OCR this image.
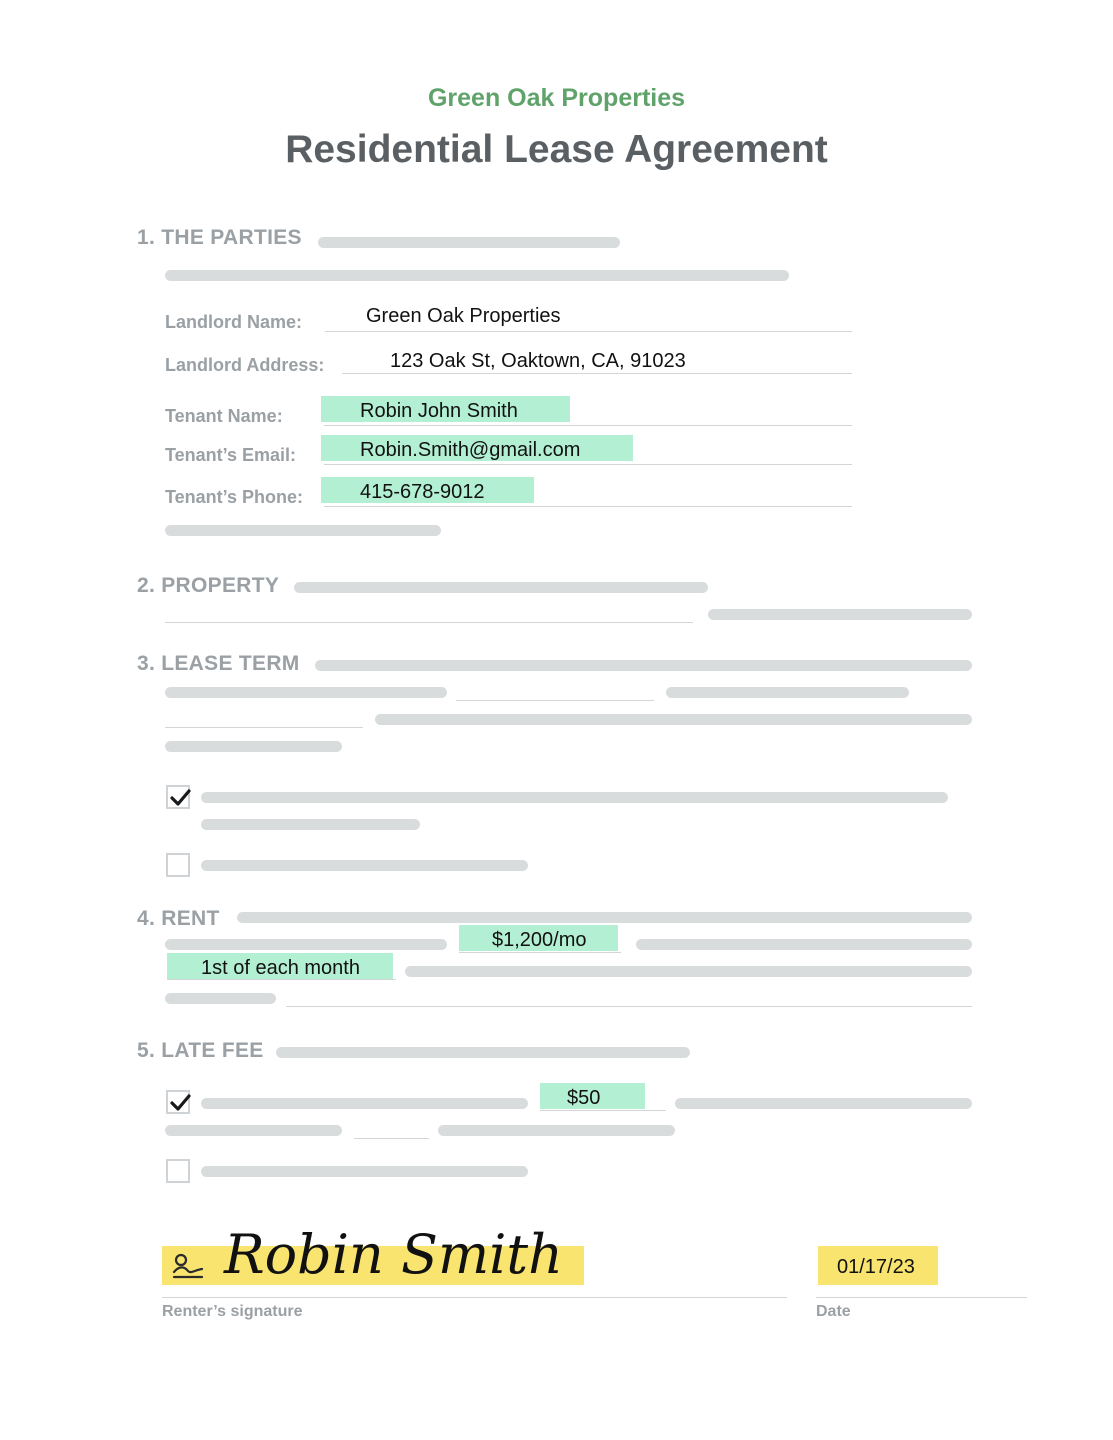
Green Oak Properties
Residential Lease Agreement
1. THE PARTIES
Landlord Name:	Green Oak Properties
Landlord Address:	123 Oak St, Oaktown, CA, 91023
Tenant Name:	Robin John Smith
Tenant’s Email:	Robin.Smith@gmail.com
Tenant’s Phone:	415-678-9012
2. PROPERTY
3. LEASE TERM
4. RENT
$1,200/mo
1st of each month
5. LATE FEE
$50
Robin Smith
Renter’s signature
01/17/23
Date
